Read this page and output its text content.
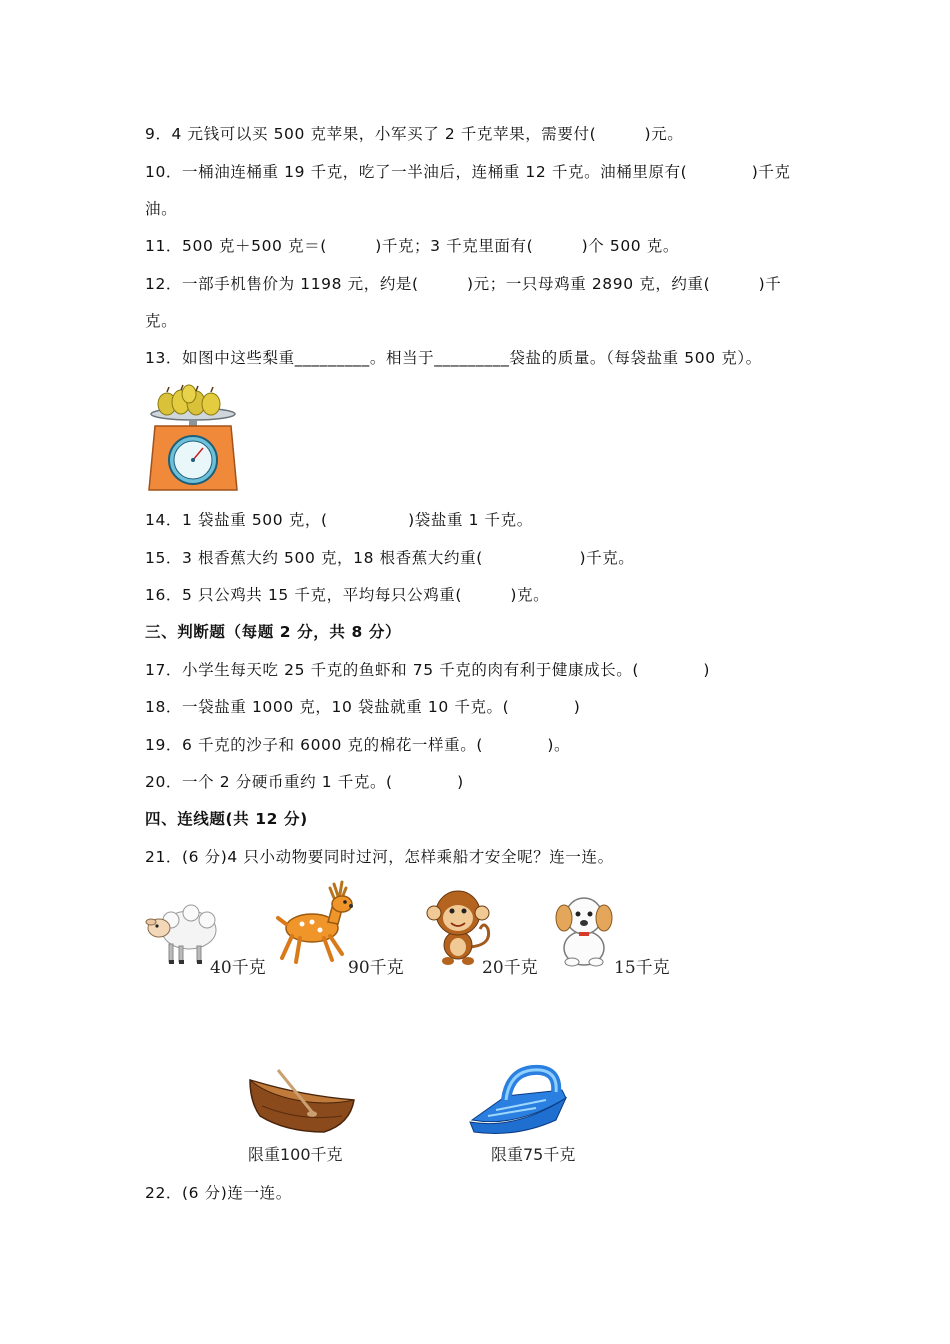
9．4 元钱可以买 500 克苹果，小军买了 2 千克苹果，需要付(　　　)元。
10．一桶油连桶重 19 千克，吃了一半油后，连桶重 12 千克。油桶里原有(　　　　)千克
油。
11．500 克＋500 克＝(　　　)千克；3 千克里面有(　　　)个 500 克。
12．一部手机售价为 1198 元，约是(　　　)元；一只母鸡重 2890 克，约重(　　　)千
克。
13．如图中这些梨重_________。相当于_________袋盐的质量。（每袋盐重 500 克）。
14．1 袋盐重 500 克，(　　　　　)袋盐重 1 千克。
15．3 根香蕉大约 500 克，18 根香蕉大约重(　　　　　　)千克。
16．5 只公鸡共 15 千克，平均每只公鸡重(　　　)克。
三、判断题（每题 2 分，共 8 分）
17．小学生每天吃 25 千克的鱼虾和 75 千克的肉有利于健康成长。(　　　　)
18．一袋盐重 1000 克，10 袋盐就重 10 千克。(　　　　)
19．6 千克的沙子和 6000 克的棉花一样重。(　　　　)。
20．一个 2 分硬币重约 1 千克。(　　　　)
四、连线题(共 12 分)
21．(6 分)4 只小动物要同时过河，怎样乘船才安全呢？连一连。
40千克	90千克	20千克	15千克
限重100千克	限重75千克
22．(6 分)连一连。
